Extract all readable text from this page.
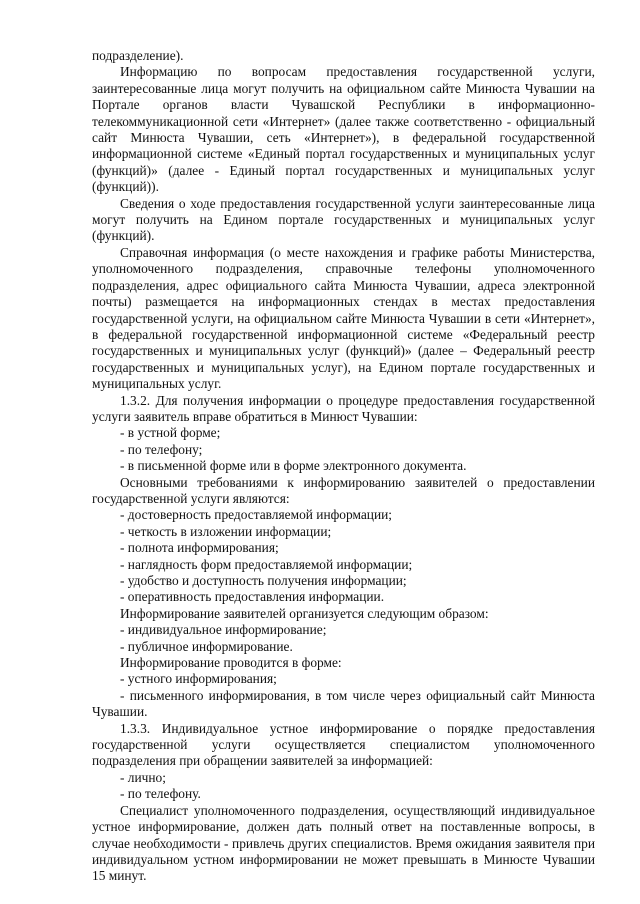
подразделение).

Информацию по вопросам предоставления государственной услуги, заинтересованные лица могут получить на официальном сайте Минюста Чувашии на Портале органов власти Чувашской Республики в информационно-телекоммуникационной сети «Интернет» (далее также соответственно - официальный сайт Минюста Чувашии, сеть «Интернет»), в федеральной государственной информационной системе «Единый портал государственных и муниципальных услуг (функций)» (далее - Единый портал государственных и муниципальных услуг (функций)).

Сведения о ходе предоставления государственной услуги заинтересованные лица могут получить на Едином портале государственных и муниципальных услуг (функций).

Справочная информация (о месте нахождения и графике работы Министерства, уполномоченного подразделения, справочные телефоны уполномоченного подразделения, адрес официального сайта Минюста Чувашии, адреса электронной почты) размещается на информационных стендах в местах предоставления государственной услуги, на официальном сайте Минюста Чувашии в сети «Интернет», в федеральной государственной информационной системе «Федеральный реестр государственных и муниципальных услуг (функций)» (далее – Федеральный реестр государственных и муниципальных услуг), на Едином портале государственных и муниципальных услуг.

1.3.2. Для получения информации о процедуре предоставления государственной услуги заявитель вправе обратиться в Минюст Чувашии:

- в устной форме;

- по телефону;

- в письменной форме или в форме электронного документа.

Основными требованиями к информированию заявителей о предоставлении государственной услуги являются:

- достоверность предоставляемой информации;

- четкость в изложении информации;

- полнота информирования;

- наглядность форм предоставляемой информации;

- удобство и доступность получения информации;

- оперативность предоставления информации.

Информирование заявителей организуется следующим образом:

- индивидуальное информирование;

- публичное информирование.

Информирование проводится в форме:

- устного информирования;

- письменного информирования, в том числе через официальный сайт Минюста Чувашии.

1.3.3. Индивидуальное устное информирование о порядке предоставления государственной услуги осуществляется специалистом уполномоченного подразделения при обращении заявителей за информацией:

- лично;

- по телефону.

Специалист уполномоченного подразделения, осуществляющий индивидуальное устное информирование, должен дать полный ответ на поставленные вопросы, в случае необходимости - привлечь других специалистов. Время ожидания заявителя при индивидуальном устном информировании не может превышать в Минюсте Чувашии 15 минут.
